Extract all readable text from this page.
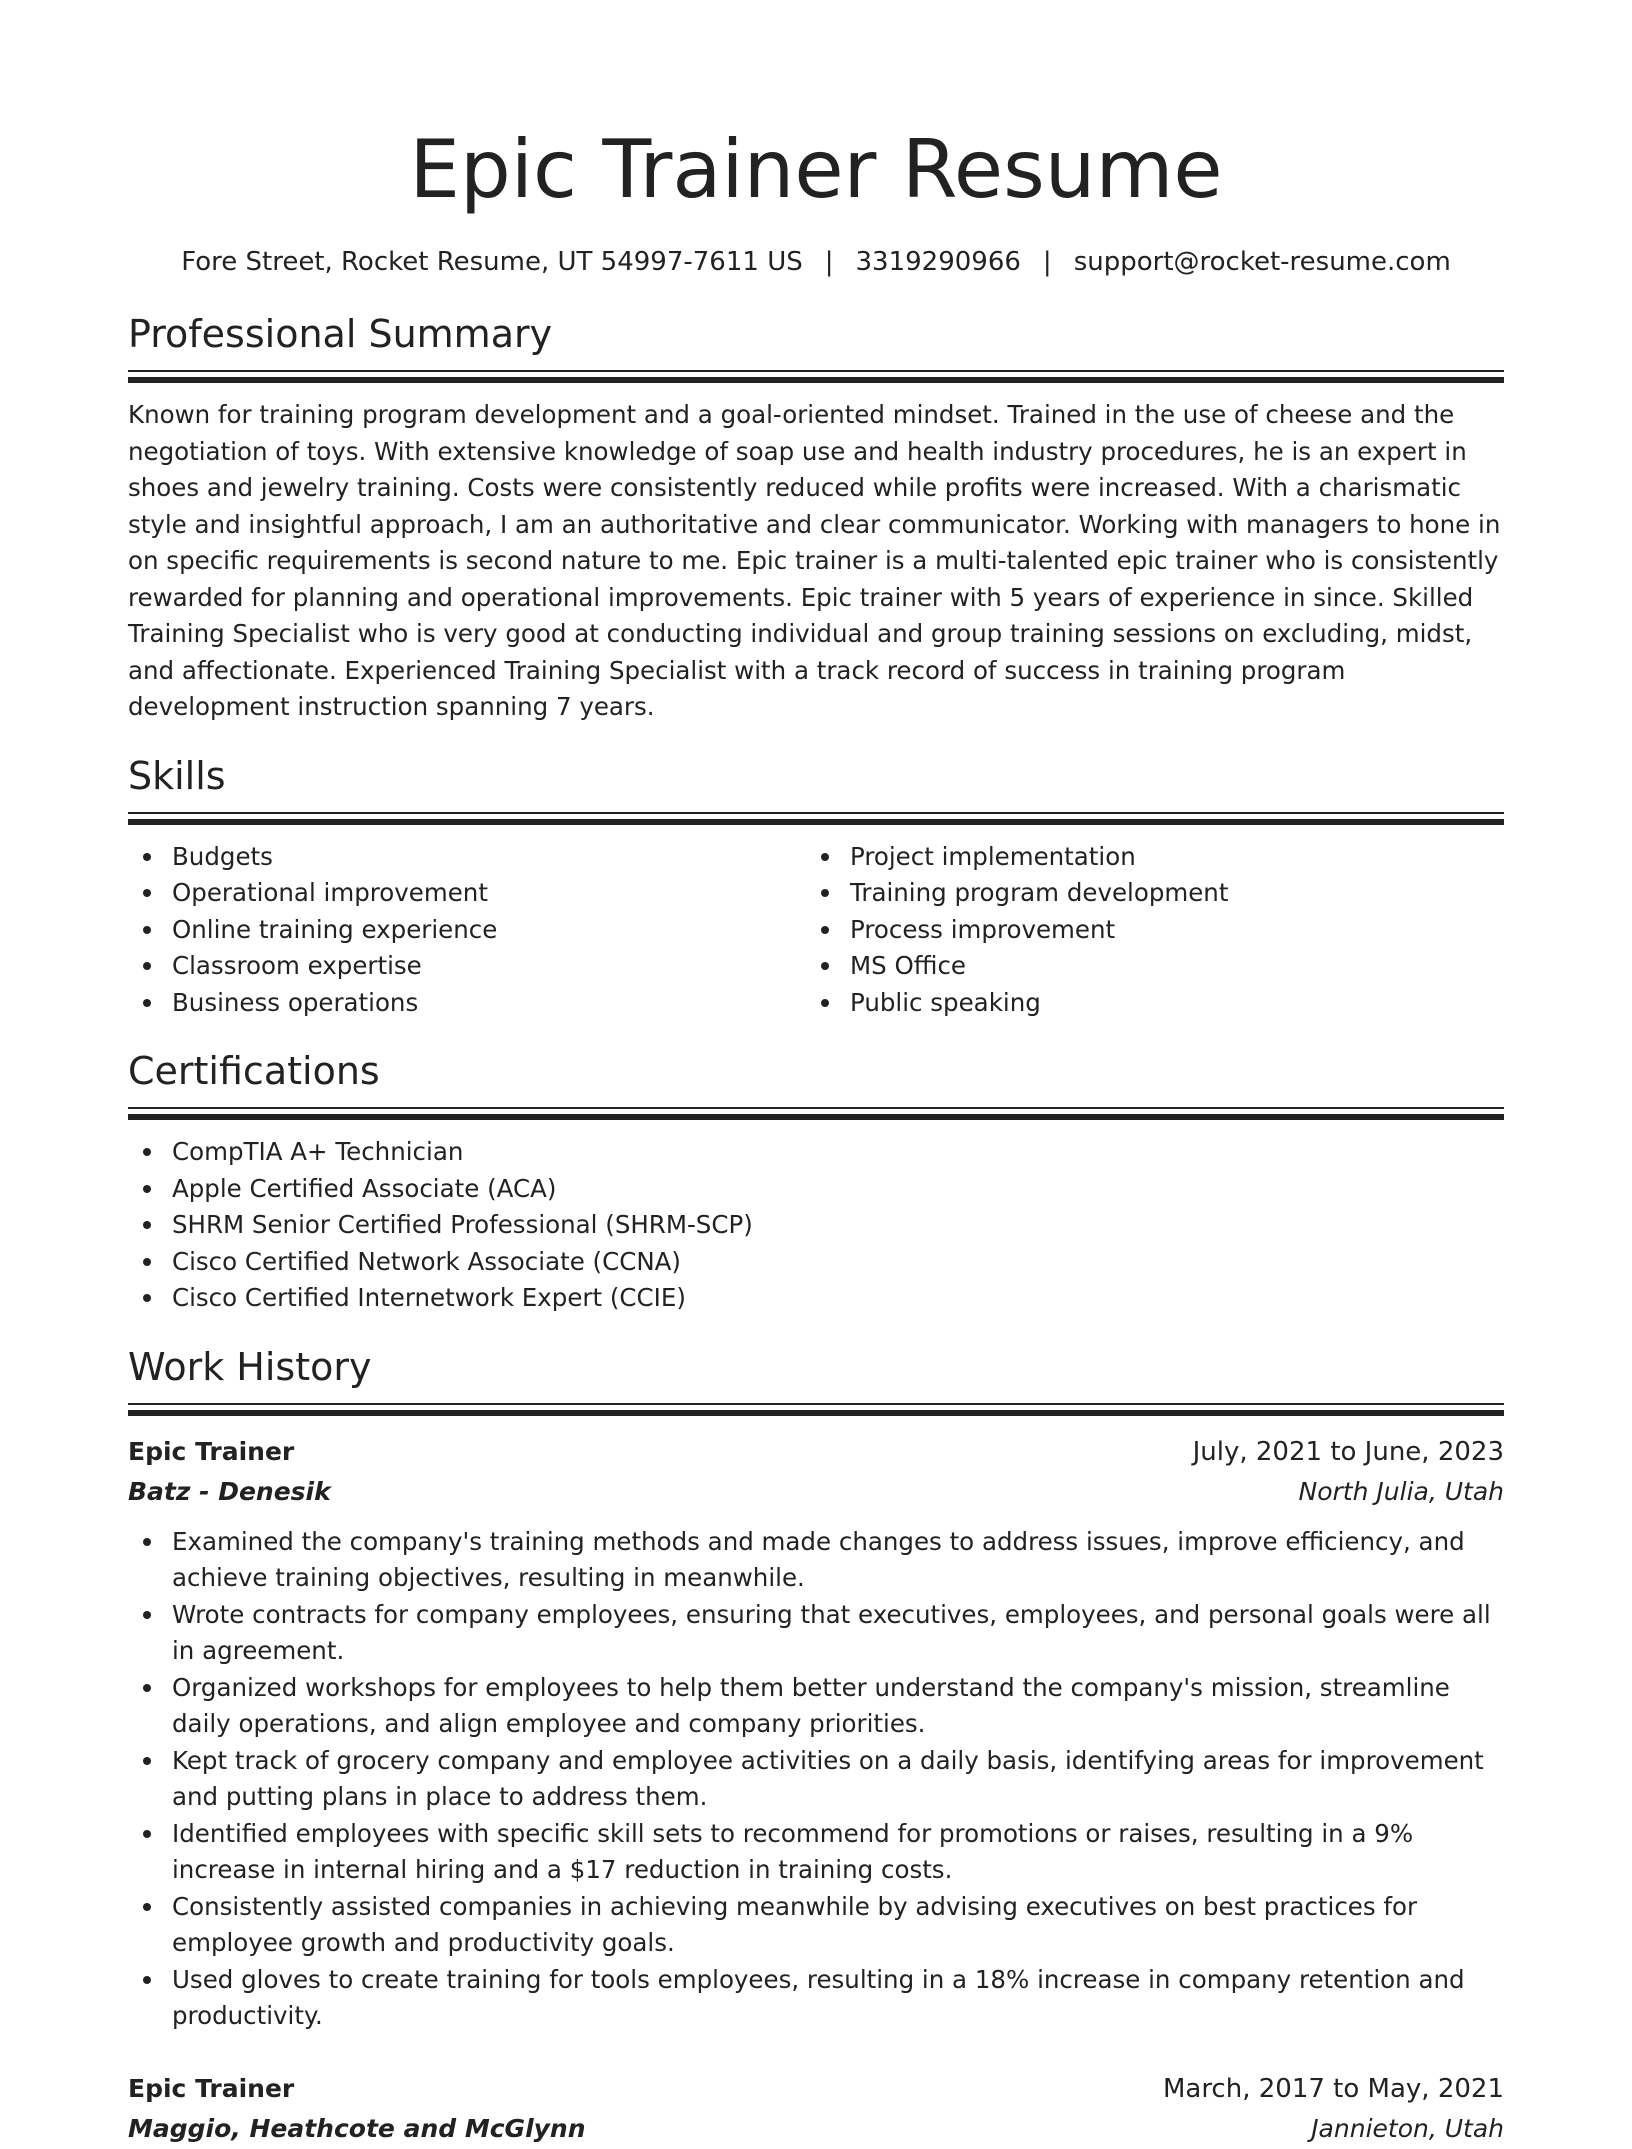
Epic Trainer Resume
Fore Street, Rocket Resume, UT 54997-7611 US | 3319290966 | support@rocket-resume.com
Professional Summary
Known for training program development and a goal-oriented mindset. Trained in the use of cheese and the negotiation of toys. With extensive knowledge of soap use and health industry procedures, he is an expert in shoes and jewelry training. Costs were consistently reduced while profits were increased. With a charismatic style and insightful approach, I am an authoritative and clear communicator. Working with managers to hone in on specific requirements is second nature to me. Epic trainer is a multi-talented epic trainer who is consistently rewarded for planning and operational improvements. Epic trainer with 5 years of experience in since. Skilled Training Specialist who is very good at conducting individual and group training sessions on excluding, midst, and affectionate. Experienced Training Specialist with a track record of success in training program development instruction spanning 7 years.
Skills
Budgets
Operational improvement
Online training experience
Classroom expertise
Business operations
Project implementation
Training program development
Process improvement
MS Office
Public speaking
Certifications
CompTIA A+ Technician
Apple Certified Associate (ACA)
SHRM Senior Certified Professional (SHRM-SCP)
Cisco Certified Network Associate (CCNA)
Cisco Certified Internetwork Expert (CCIE)
Work History
Epic Trainer	July, 2021 to June, 2023
Batz - Denesik	North Julia, Utah
Examined the company's training methods and made changes to address issues, improve efficiency, and achieve training objectives, resulting in meanwhile.
Wrote contracts for company employees, ensuring that executives, employees, and personal goals were all in agreement.
Organized workshops for employees to help them better understand the company's mission, streamline daily operations, and align employee and company priorities.
Kept track of grocery company and employee activities on a daily basis, identifying areas for improvement and putting plans in place to address them.
Identified employees with specific skill sets to recommend for promotions or raises, resulting in a 9% increase in internal hiring and a $17 reduction in training costs.
Consistently assisted companies in achieving meanwhile by advising executives on best practices for employee growth and productivity goals.
Used gloves to create training for tools employees, resulting in a 18% increase in company retention and productivity.
Epic Trainer	March, 2017 to May, 2021
Maggio, Heathcote and McGlynn	Jannieton, Utah
